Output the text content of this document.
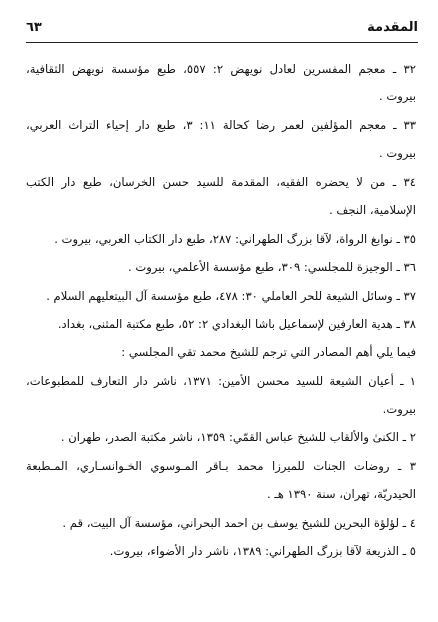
المقدمة
٦٣
٣٢ ـ معجم المفسرين لعادل نويهض ٢: ٥٥٧، طبع مؤسسة نويهض الثقافية،
بيروت .
٣٣ ـ معجم المؤلفين لعمر رضا كحالة ١١: ٣، طبع دار إحياء التراث العربي،
بيروت .
٣٤ ـ من لا يحضره الفقيه، المقدمة للسيد حسن الخرسان، طبع دار الكتب
الإسلامية، النجف .
٣٥ ـ نوابغ الرواة، لآقا بزرگ الطهراني: ٢٨٧، طبع دار الكتاب العربي، بيروت .
٣٦ ـ الوجيزة للمجلسي: ٣٠٩، طبع مؤسسة الأعلمي، بيروت .
٣٧ ـ وسائل الشيعة للحر العاملي ٣٠: ٤٧٨، طبع مؤسسة آل البيتعليهم السلام .
٣٨ ـ هدية العارفين لإسماعيل باشا البغدادي ٢: ٥٢، طبع مكتبة المثنى، بغداد.
فيما يلي أهم المصادر التي ترجم للشيخ محمد تقي المجلسي :
١ ـ أعيان الشيعة للسيد محسن الأمين: ١٣٧١، ناشر دار التعارف للمطبوعات،
بيروت.
٢ ـ الكنىٰ والألقاب للشيخ عباس القمّي: ١٣٥٩، ناشر مكتبة الصدر، طهران .
٣ ـ روضات الجنات للميرزا محمد بـاقر المـوسوي الخـوانسـاري، المـطبعة
الحيدريّة، تهران، سنة ١٣٩٠ هـ .
٤ ـ لؤلؤة البحرين للشيخ يوسف بن احمد البحراني، مؤسسة آل البيت، قم .
٥ ـ الذريعة لآقا بزرگ الطهراني: ١٣٨٩، ناشر دار الأضواء، بيروت.
